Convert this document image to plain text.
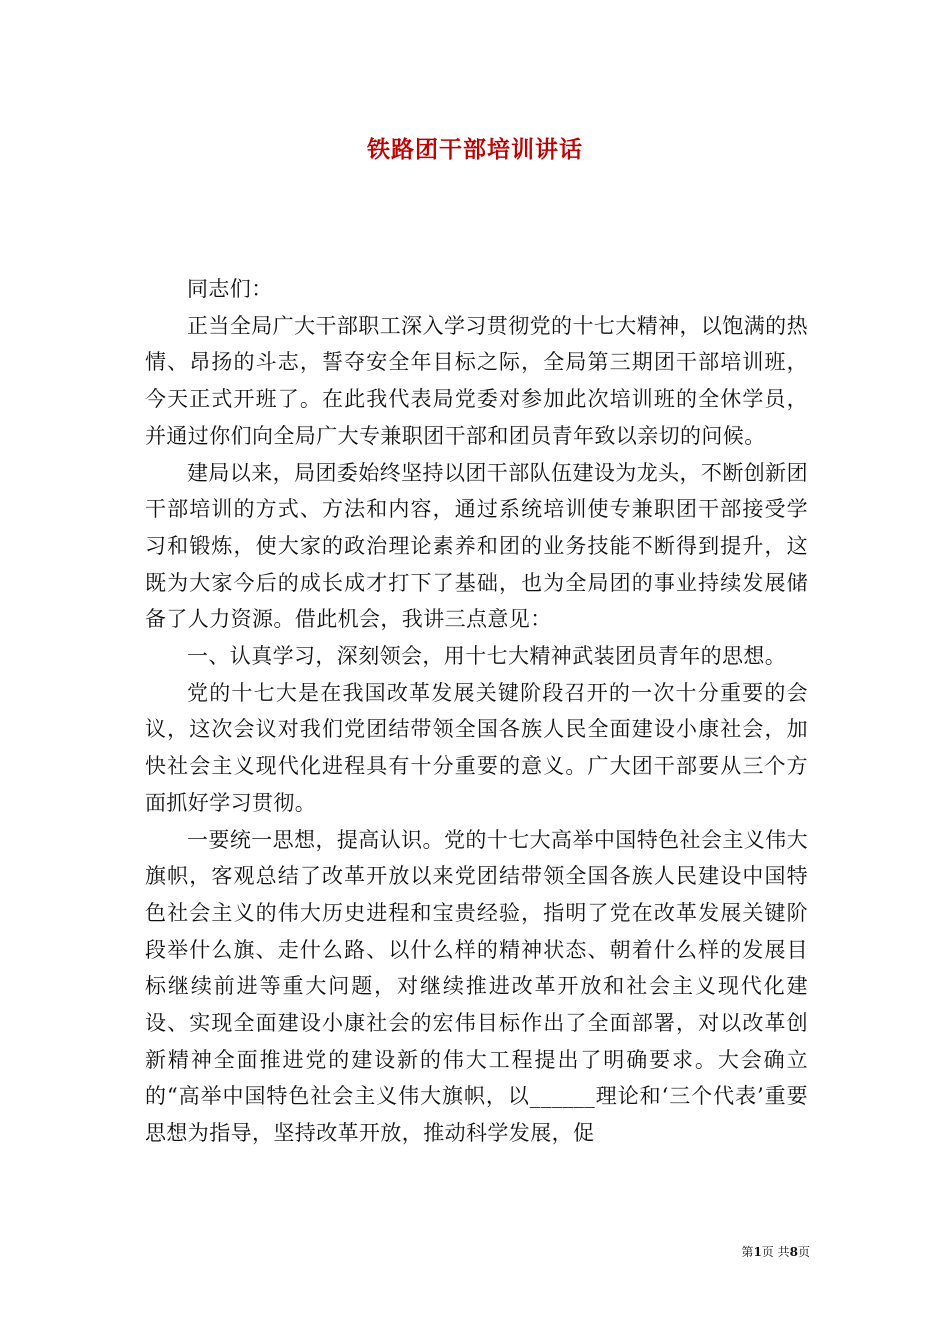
铁路团干部培训讲话

同志们：

正当全局广大干部职工深入学习贯彻党的十七大精神，以饱满的热情、昂扬的斗志，誓夺安全年目标之际，全局第三期团干部培训班，今天正式开班了。在此我代表局党委对参加此次培训班的全休学员，并通过你们向全局广大专兼职团干部和团员青年致以亲切的问候。

建局以来，局团委始终坚持以团干部队伍建设为龙头，不断创新团干部培训的方式、方法和内容，通过系统培训使专兼职团干部接受学习和锻炼，使大家的政治理论素养和团的业务技能不断得到提升，这既为大家今后的成长成才打下了基础，也为全局团的事业持续发展储备了人力资源。借此机会，我讲三点意见：

一、认真学习，深刻领会，用十七大精神武装团员青年的思想。

党的十七大是在我国改革发展关键阶段召开的一次十分重要的会议，这次会议对我们党团结带领全国各族人民全面建设小康社会，加快社会主义现代化进程具有十分重要的意义。广大团干部要从三个方面抓好学习贯彻。

一要统一思想，提高认识。党的十七大高举中国特色社会主义伟大旗帜，客观总结了改革开放以来党团结带领全国各族人民建设中国特色社会主义的伟大历史进程和宝贵经验，指明了党在改革发展关键阶段举什么旗、走什么路、以什么样的精神状态、朝着什么样的发展目标继续前进等重大问题，对继续推进改革开放和社会主义现代化建设、实现全面建设小康社会的宏伟目标作出了全面部署，对以改革创新精神全面推进党的建设新的伟大工程提出了明确要求。大会确立的“高举中国特色社会主义伟大旗帜，以______理论和‘三个代表’重要思想为指导，坚持改革开放，推动科学发展，促

第1页 共8页
